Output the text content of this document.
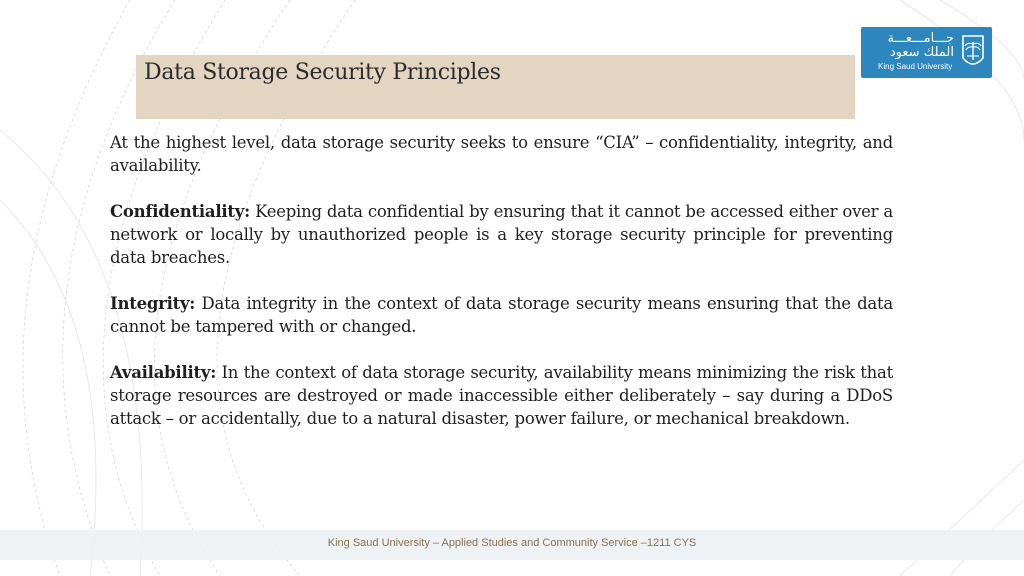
Data Storage Security Principles
جـــامـــعـــة
الملك سعود
King Saud University

At the highest level, data storage security seeks to ensure “CIA” – confidentiality, integrity, and availability.

Confidentiality: Keeping data confidential by ensuring that it cannot be accessed either over a network or locally by unauthorized people is a key storage security principle for preventing data breaches.

Integrity: Data integrity in the context of data storage security means ensuring that the data cannot be tampered with or changed.

Availability: In the context of data storage security, availability means minimizing the risk that storage resources are destroyed or made inaccessible either deliberately – say during a DDoS attack – or accidentally, due to a natural disaster, power failure, or mechanical breakdown.

King Saud University – Applied Studies and Community Service –1211 CYS
